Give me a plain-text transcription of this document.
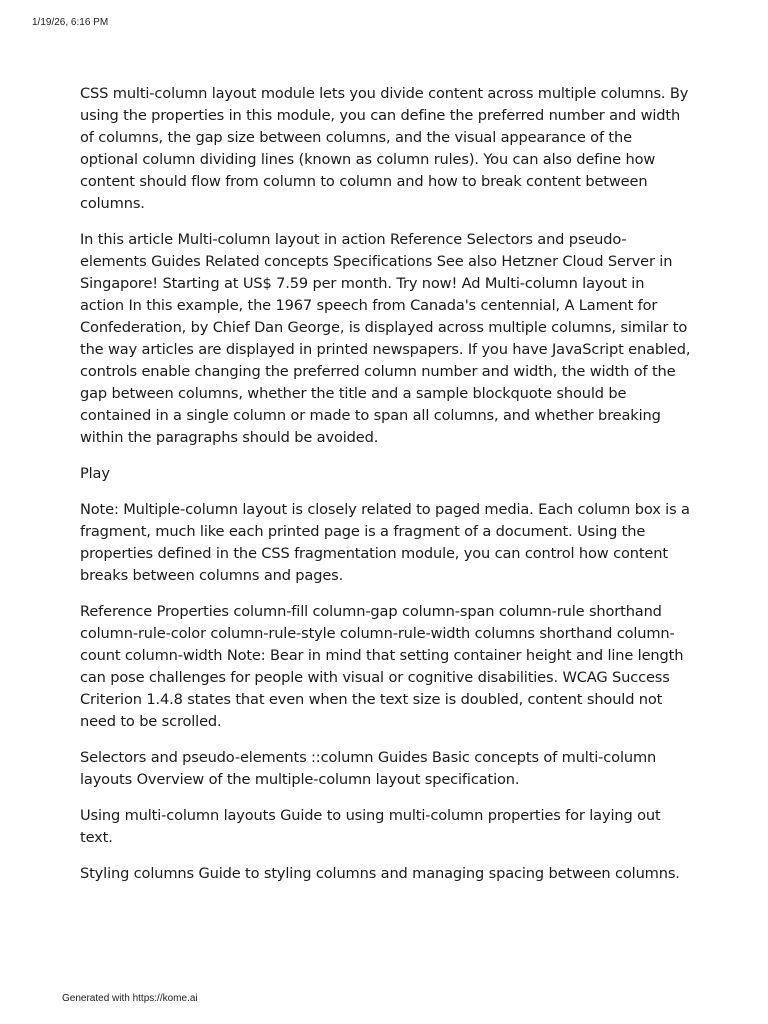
1/19/26, 6:16 PM

CSS multi-column layout module lets you divide content across multiple columns. By using the properties in this module, you can define the preferred number and width of columns, the gap size between columns, and the visual appearance of the optional column dividing lines (known as column rules). You can also define how content should flow from column to column and how to break content between columns.

In this article Multi-column layout in action Reference Selectors and pseudo-elements Guides Related concepts Specifications See also Hetzner Cloud Server in Singapore! Starting at US$ 7.59 per month. Try now! Ad Multi-column layout in action In this example, the 1967 speech from Canada's centennial, A Lament for Confederation, by Chief Dan George, is displayed across multiple columns, similar to the way articles are displayed in printed newspapers. If you have JavaScript enabled, controls enable changing the preferred column number and width, the width of the gap between columns, whether the title and a sample blockquote should be contained in a single column or made to span all columns, and whether breaking within the paragraphs should be avoided.

Play

Note: Multiple-column layout is closely related to paged media. Each column box is a fragment, much like each printed page is a fragment of a document. Using the properties defined in the CSS fragmentation module, you can control how content breaks between columns and pages.

Reference Properties column-fill column-gap column-span column-rule shorthand column-rule-color column-rule-style column-rule-width columns shorthand column-count column-width Note: Bear in mind that setting container height and line length can pose challenges for people with visual or cognitive disabilities. WCAG Success Criterion 1.4.8 states that even when the text size is doubled, content should not need to be scrolled.

Selectors and pseudo-elements ::column Guides Basic concepts of multi-column layouts Overview of the multiple-column layout specification.

Using multi-column layouts Guide to using multi-column properties for laying out text.

Styling columns Guide to styling columns and managing spacing between columns.

Generated with https://kome.ai
